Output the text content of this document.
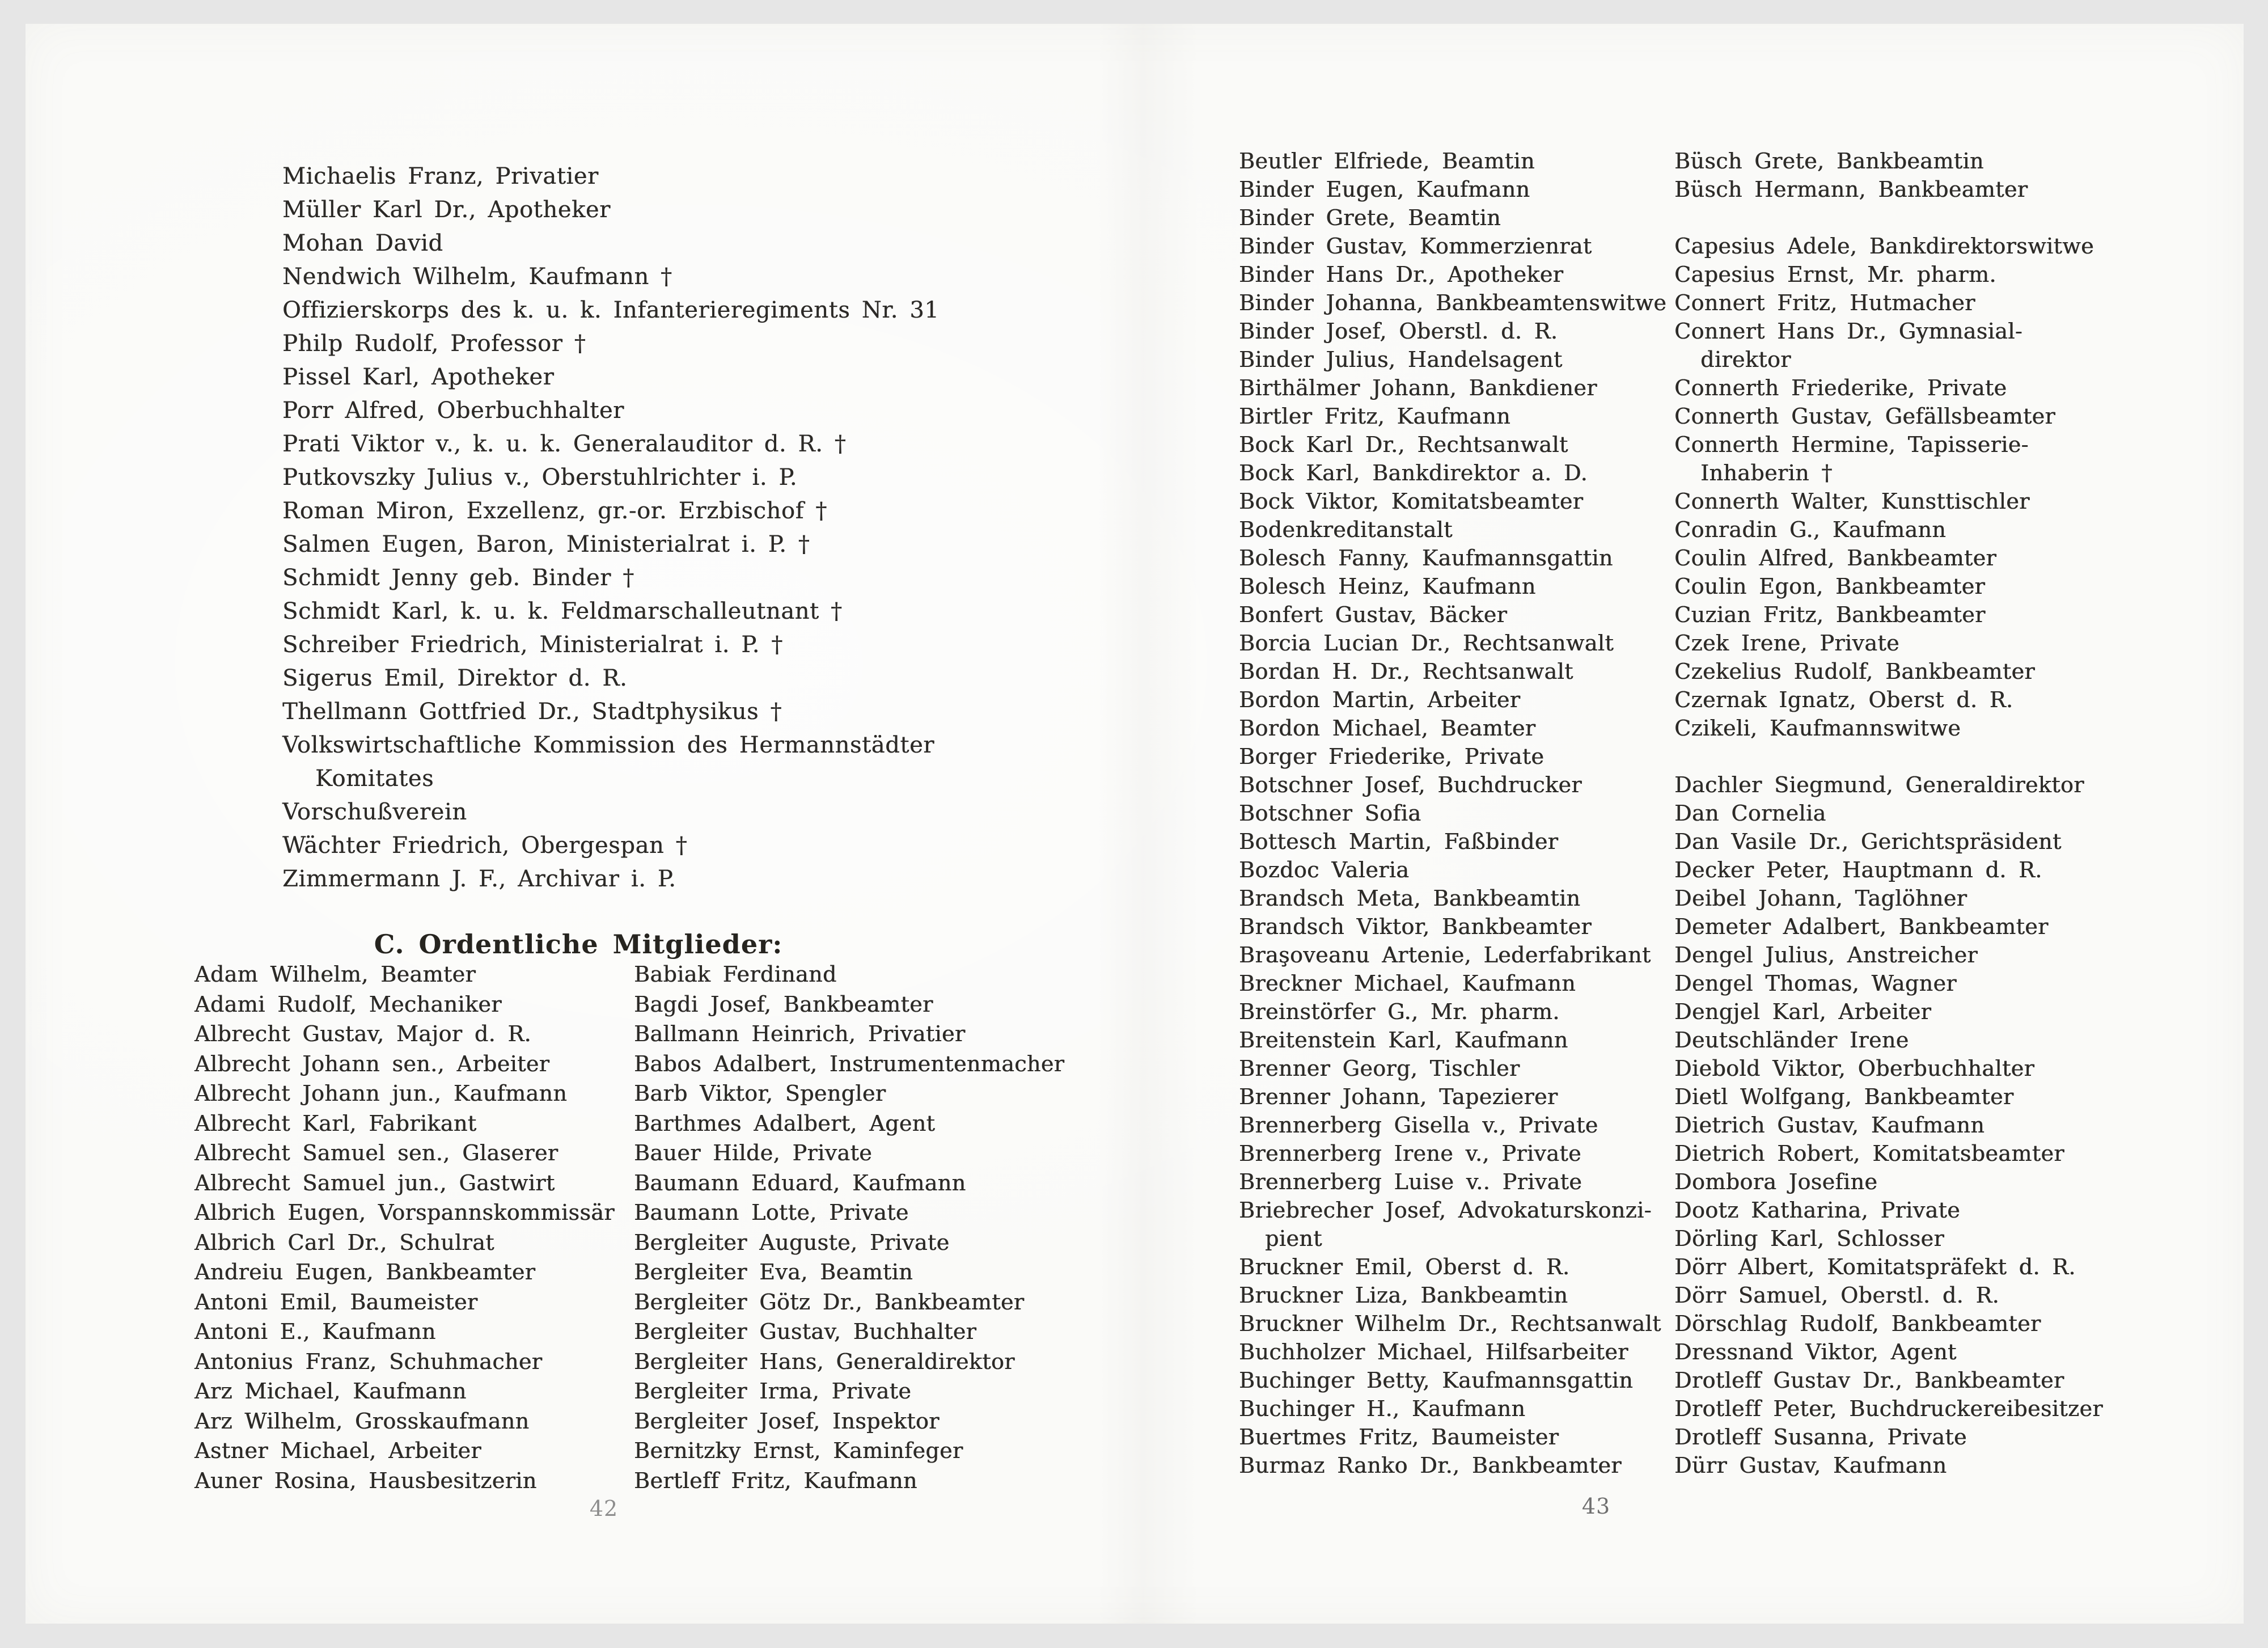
Michaelis Franz, Privatier
Müller Karl Dr., Apotheker
Mohan David
Nendwich Wilhelm, Kaufmann †
Offizierskorps des k. u. k. Infanterieregiments Nr. 31
Philp Rudolf, Professor †
Pissel Karl, Apotheker
Porr Alfred, Oberbuchhalter
Prati Viktor v., k. u. k. Generalauditor d. R. †
Putkovszky Julius v., Oberstuhlrichter i. P.
Roman Miron, Exzellenz, gr.-or. Erzbischof †
Salmen Eugen, Baron, Ministerialrat i. P. †
Schmidt Jenny geb. Binder †
Schmidt Karl, k. u. k. Feldmarschalleutnant †
Schreiber Friedrich, Ministerialrat i. P. †
Sigerus Emil, Direktor d. R.
Thellmann Gottfried Dr., Stadtphysikus †
Volkswirtschaftliche Kommission des Hermannstädter
Komitates
Vorschußverein
Wächter Friedrich, Obergespan †
Zimmermann J. F., Archivar i. P.
C. Ordentliche Mitglieder:
Adam Wilhelm, Beamter
Adami Rudolf, Mechaniker
Albrecht Gustav, Major d. R.
Albrecht Johann sen., Arbeiter
Albrecht Johann jun., Kaufmann
Albrecht Karl, Fabrikant
Albrecht Samuel sen., Glaserer
Albrecht Samuel jun., Gastwirt
Albrich Eugen, Vorspannskommissär
Albrich Carl Dr., Schulrat
Andreiu Eugen, Bankbeamter
Antoni Emil, Baumeister
Antoni E., Kaufmann
Antonius Franz, Schuhmacher
Arz Michael, Kaufmann
Arz Wilhelm, Grosskaufmann
Astner Michael, Arbeiter
Auner Rosina, Hausbesitzerin
Babiak Ferdinand
Bagdi Josef, Bankbeamter
Ballmann Heinrich, Privatier
Babos Adalbert, Instrumentenmacher
Barb Viktor, Spengler
Barthmes Adalbert, Agent
Bauer Hilde, Private
Baumann Eduard, Kaufmann
Baumann Lotte, Private
Bergleiter Auguste, Private
Bergleiter Eva, Beamtin
Bergleiter Götz Dr., Bankbeamter
Bergleiter Gustav, Buchhalter
Bergleiter Hans, Generaldirektor
Bergleiter Irma, Private
Bergleiter Josef, Inspektor
Bernitzky Ernst, Kaminfeger
Bertleff Fritz, Kaufmann
42
Beutler Elfriede, Beamtin
Binder Eugen, Kaufmann
Binder Grete, Beamtin
Binder Gustav, Kommerzienrat
Binder Hans Dr., Apotheker
Binder Johanna, Bankbeamtenswitwe
Binder Josef, Oberstl. d. R.
Binder Julius, Handelsagent
Birthälmer Johann, Bankdiener
Birtler Fritz, Kaufmann
Bock Karl Dr., Rechtsanwalt
Bock Karl, Bankdirektor a. D.
Bock Viktor, Komitatsbeamter
Bodenkreditanstalt
Bolesch Fanny, Kaufmannsgattin
Bolesch Heinz, Kaufmann
Bonfert Gustav, Bäcker
Borcia Lucian Dr., Rechtsanwalt
Bordan H. Dr., Rechtsanwalt
Bordon Martin, Arbeiter
Bordon Michael, Beamter
Borger Friederike, Private
Botschner Josef, Buchdrucker
Botschner Sofia
Bottesch Martin, Faßbinder
Bozdoc Valeria
Brandsch Meta, Bankbeamtin
Brandsch Viktor, Bankbeamter
Braşoveanu Artenie, Lederfabrikant
Breckner Michael, Kaufmann
Breinstörfer G., Mr. pharm.
Breitenstein Karl, Kaufmann
Brenner Georg, Tischler
Brenner Johann, Tapezierer
Brennerberg Gisella v., Private
Brennerberg Irene v., Private
Brennerberg Luise v.. Private
Briebrecher Josef, Advokaturskonzi-
pient
Bruckner Emil, Oberst d. R.
Bruckner Liza, Bankbeamtin
Bruckner Wilhelm Dr., Rechtsanwalt
Buchholzer Michael, Hilfsarbeiter
Buchinger Betty, Kaufmannsgattin
Buchinger H., Kaufmann
Buertmes Fritz, Baumeister
Burmaz Ranko Dr., Bankbeamter
Büsch Grete, Bankbeamtin
Büsch Hermann, Bankbeamter
Capesius Adele, Bankdirektorswitwe
Capesius Ernst, Mr. pharm.
Connert Fritz, Hutmacher
Connert Hans Dr., Gymnasial-
direktor
Connerth Friederike, Private
Connerth Gustav, Gefällsbeamter
Connerth Hermine, Tapisserie-
Inhaberin †
Connerth Walter, Kunsttischler
Conradin G., Kaufmann
Coulin Alfred, Bankbeamter
Coulin Egon, Bankbeamter
Cuzian Fritz, Bankbeamter
Czek Irene, Private
Czekelius Rudolf, Bankbeamter
Czernak Ignatz, Oberst d. R.
Czikeli, Kaufmannswitwe
Dachler Siegmund, Generaldirektor
Dan Cornelia
Dan Vasile Dr., Gerichtspräsident
Decker Peter, Hauptmann d. R.
Deibel Johann, Taglöhner
Demeter Adalbert, Bankbeamter
Dengel Julius, Anstreicher
Dengel Thomas, Wagner
Dengjel Karl, Arbeiter
Deutschländer Irene
Diebold Viktor, Oberbuchhalter
Dietl Wolfgang, Bankbeamter
Dietrich Gustav, Kaufmann
Dietrich Robert, Komitatsbeamter
Dombora Josefine
Dootz Katharina, Private
Dörling Karl, Schlosser
Dörr Albert, Komitatspräfekt d. R.
Dörr Samuel, Oberstl. d. R.
Dörschlag Rudolf, Bankbeamter
Dressnand Viktor, Agent
Drotleff Gustav Dr., Bankbeamter
Drotleff Peter, Buchdruckereibesitzer
Drotleff Susanna, Private
Dürr Gustav, Kaufmann
43
